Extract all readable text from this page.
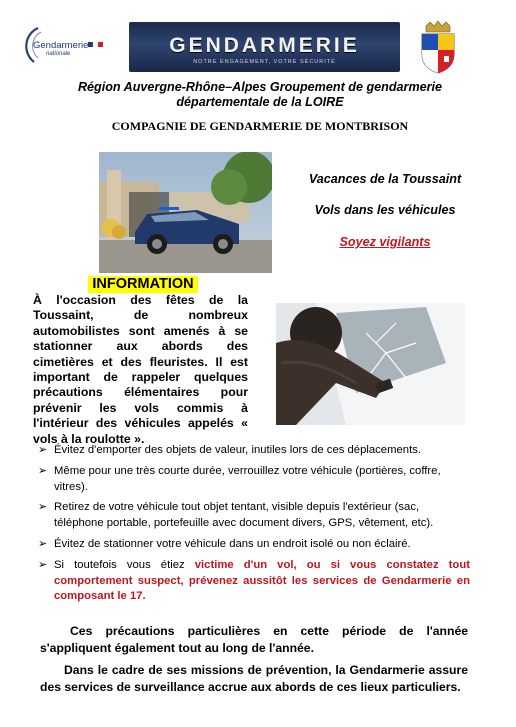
Gendarmerie
nationale	GENDARMERIE
NOTRE ENGAGEMENT, VOTRE SÉCURITÉ
Région Auvergne-Rhône–Alpes Groupement de gendarmerie départementale de la LOIRE
COMPAGNIE DE GENDARMERIE DE MONTBRISON
Vacances de la Toussaint
Vols dans les véhicules
Soyez vigilants
INFORMATION
À l'occasion des fêtes de la Toussaint, de nombreux automobilistes sont amenés à se stationner aux abords des cimetières et des fleuristes. Il est important de rappeler quelques précautions élémentaires pour prévenir les vols commis à l'intérieur des véhicules appelés « vols à la roulotte ».
➢ Évitez d'emporter des objets de valeur, inutiles lors de ces déplacements.
➢ Même pour une très courte durée, verrouillez votre véhicule (portières, coffre, vitres).
➢ Retirez de votre véhicule tout objet tentant, visible depuis l'extérieur (sac, téléphone portable, portefeuille avec document divers, GPS, vêtement, etc).
➢ Évitez de stationner votre véhicule dans un endroit isolé ou non éclairé.
➢ Si toutefois vous étiez victime d'un vol, ou si vous constatez tout comportement suspect, prévenez aussitôt les services de Gendarmerie en composant le 17.
Ces précautions particulières en cette période de l'année s'appliquent également tout au long de l'année.
Dans le cadre de ses missions de prévention, la Gendarmerie assure des services de surveillance accrue aux abords de ces lieux particuliers.
